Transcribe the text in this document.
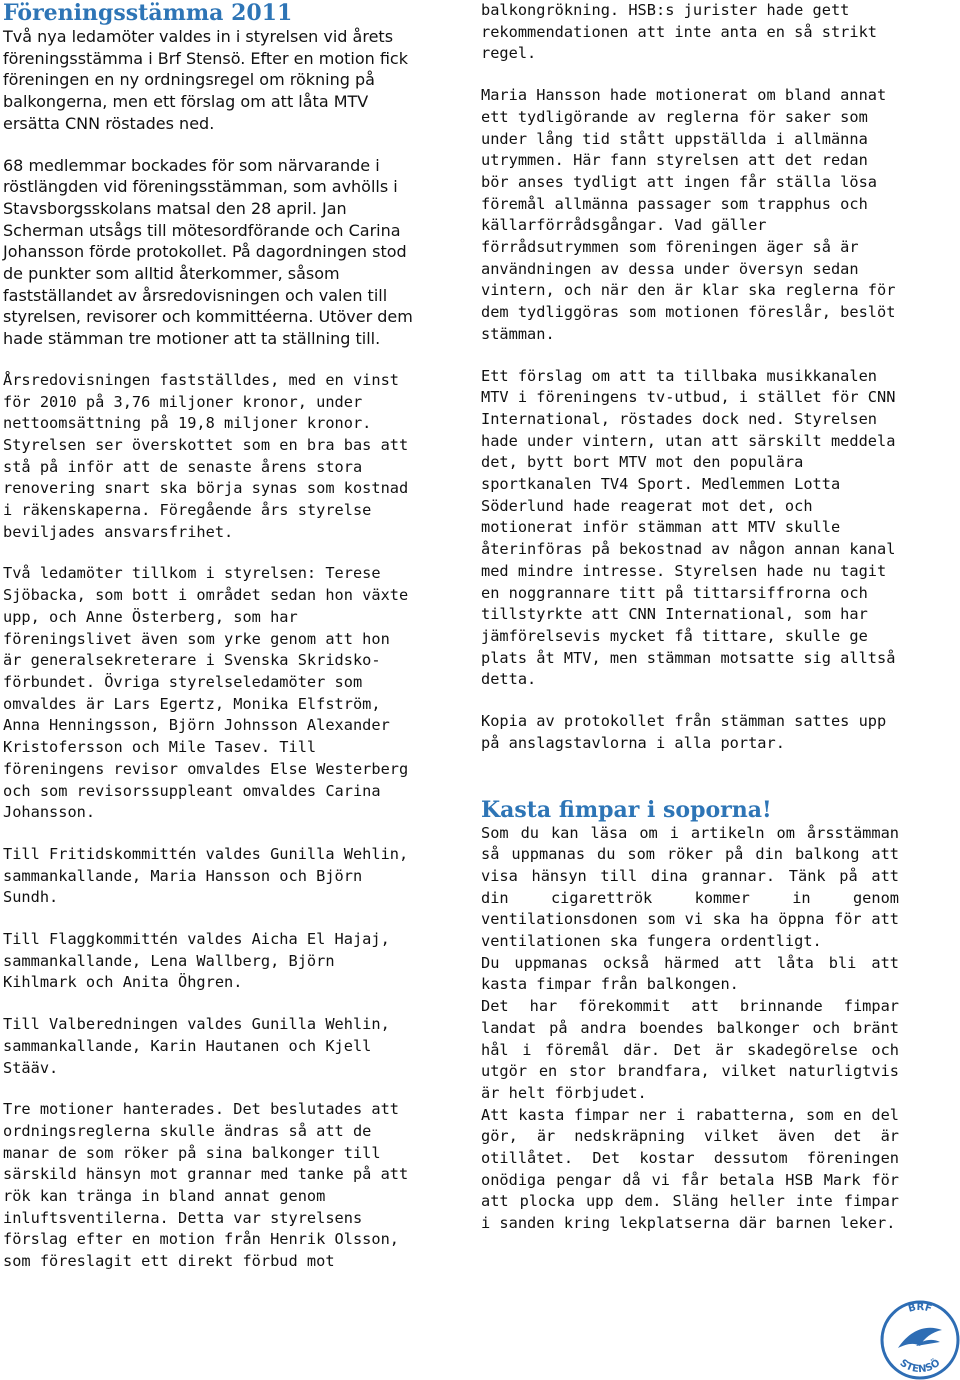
Föreningsstämma 2011

Två nya ledamöter valdes in i styrelsen vid årets föreningsstämma i Brf Stensö. Efter en motion fick föreningen en ny ordningsregel om rökning på balkongerna, men ett förslag om att låta MTV ersätta CNN röstades ned.

68 medlemmar bockades för som närvarande i röstlängden vid föreningsstämman, som avhölls i Stavsborgsskolans matsal den 28 april. Jan Scherman utsågs till mötesordförande och Carina Johansson förde protokollet. På dagordningen stod de punkter som alltid återkommer, såsom fastställandet av årsredovisningen och valen till styrelsen, revisorer och kommittéerna. Utöver dem hade stämman tre motioner att ta ställning till.

Årsredovisningen fastställdes, med en vinst för 2010 på 3,76 miljoner kronor, under nettoomsättning på 19,8 miljoner kronor. Styrelsen ser överskottet som en bra bas att stå på inför att de senaste årens stora renovering snart ska börja synas som kostnad i räkenskaperna. Föregående års styrelse beviljades ansvarsfrihet.

Två ledamöter tillkom i styrelsen: Terese Sjöbacka, som bott i området sedan hon växte upp, och Anne Österberg, som har föreningslivet även som yrke genom att hon är generalsekreterare i Svenska Skridsko-förbundet. Övriga styrelseledamöter som omvaldes är Lars Egertz, Monika Elfström, Anna Henningsson, Björn Johnsson Alexander Kristofersson och Mile Tasev. Till föreningens revisor omvaldes Else Westerberg och som revisorssuppleant omvaldes Carina Johansson.

Till Fritidskommittén valdes Gunilla Wehlin, sammankallande, Maria Hansson och Björn Sundh.

Till Flaggkommittén valdes Aicha El Hajaj, sammankallande, Lena Wallberg, Björn Kihlmark och Anita Öhgren.

Till Valberedningen valdes Gunilla Wehlin, sammankallande, Karin Hautanen och Kjell Stääv.

Tre motioner hanterades. Det beslutades att ordningsreglerna skulle ändras så att de manar de som röker på sina balkonger till särskild hänsyn mot grannar med tanke på att rök kan tränga in bland annat genom inluftsventilerna. Detta var styrelsens förslag efter en motion från Henrik Olsson, som föreslagit ett direkt förbud mot

balkongrökning. HSB:s jurister hade gett rekommendationen att inte anta en så strikt regel.

Maria Hansson hade motionerat om bland annat ett tydligörande av reglerna för saker som under lång tid stått uppställda i allmänna utrymmen. Här fann styrelsen att det redan bör anses tydligt att ingen får ställa lösa föremål allmänna passager som trapphus och källarförrådsgångar. Vad gäller förrådsutrymmen som föreningen äger så är användningen av dessa under översyn sedan vintern, och när den är klar ska reglerna för dem tydliggöras som motionen föreslår, beslöt stämman.

Ett förslag om att ta tillbaka musikkanalen MTV i föreningens tv-utbud, i stället för CNN International, röstades dock ned. Styrelsen hade under vintern, utan att särskilt meddela det, bytt bort MTV mot den populära sportkanalen TV4 Sport. Medlemmen Lotta Söderlund hade reagerat mot det, och motionerat inför stämman att MTV skulle återinföras på bekostnad av någon annan kanal med mindre intresse. Styrelsen hade nu tagit en noggrannare titt på tittarsiffrorna och tillstyrkte att CNN International, som har jämförelsevis mycket få tittare, skulle ge plats åt MTV, men stämman motsatte sig alltså detta.

Kopia av protokollet från stämman sattes upp på anslagstavlorna i alla portar.

Kasta fimpar i soporna!

Som du kan läsa om i artikeln om årsstämman så uppmanas du som röker på din balkong att visa hänsyn till dina grannar. Tänk på att din cigarettrök kommer in genom ventilationsdonen som vi ska ha öppna för att ventilationen ska fungera ordentligt.

Du uppmanas också härmed att låta bli att kasta fimpar från balkongen.

Det har förekommit att brinnande fimpar landat på andra boendes balkonger och bränt hål i föremål där. Det är skadegörelse och utgör en stor brandfara, vilket naturligtvis är helt förbjudet.

Att kasta fimpar ner i rabatterna, som en del gör, är nedskräpning vilket även det är otillåtet. Det kostar dessutom föreningen onödiga pengar då vi får betala HSB Mark för att plocka upp dem. Släng heller inte fimpar i sanden kring lekplatserna där barnen leker.

BRF
STENSÖ
